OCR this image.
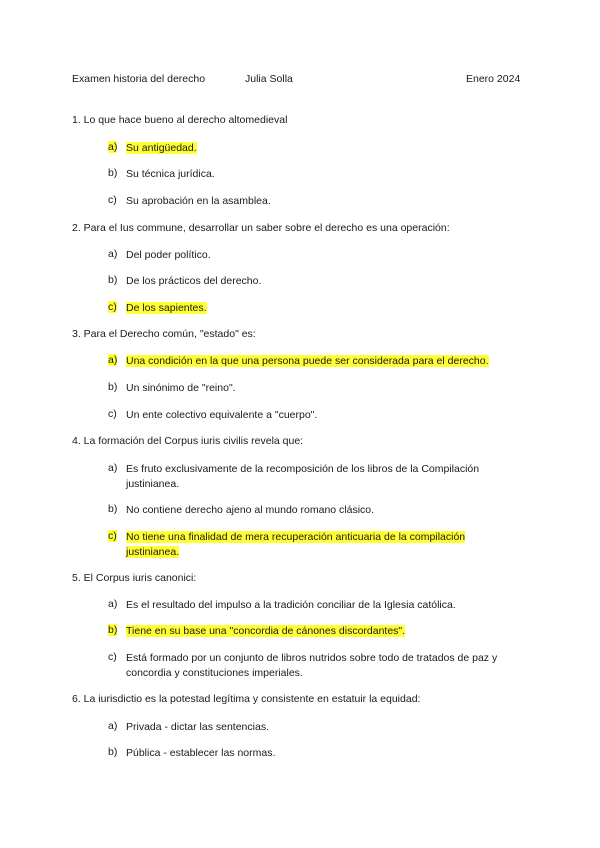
Examen historia del derecho	Julia Solla	Enero 2024
1. Lo que hace bueno al derecho altomedieval
a) Su antigüedad.
b) Su técnica jurídica.
c) Su aprobación en la asamblea.
2. Para el Ius commune, desarrollar un saber sobre el derecho es una operación:
a) Del poder político.
b) De los prácticos del derecho.
c) De los sapientes.
3. Para el Derecho común, "estado" es:
a) Una condición en la que una persona puede ser considerada para el derecho.
b) Un sinónimo de "reino".
c) Un ente colectivo equivalente a "cuerpo".
4. La formación del Corpus iuris civilis revela que:
a) Es fruto exclusivamente de la recomposición de los libros de la Compilación
justinianea.
b) No contiene derecho ajeno al mundo romano clásico.
c) No tiene una finalidad de mera recuperación anticuaria de la compilación
justinianea.
5. El Corpus iuris canonici:
a) Es el resultado del impulso a la tradición conciliar de la Iglesia católica.
b) Tiene en su base una "concordia de cánones discordantes".
c) Está formado por un conjunto de libros nutridos sobre todo de tratados de paz y
concordia y constituciones imperiales.
6. La iurisdictio es la potestad legítima y consistente en estatuir la equidad:
a) Privada - dictar las sentencias.
b) Pública - establecer las normas.
